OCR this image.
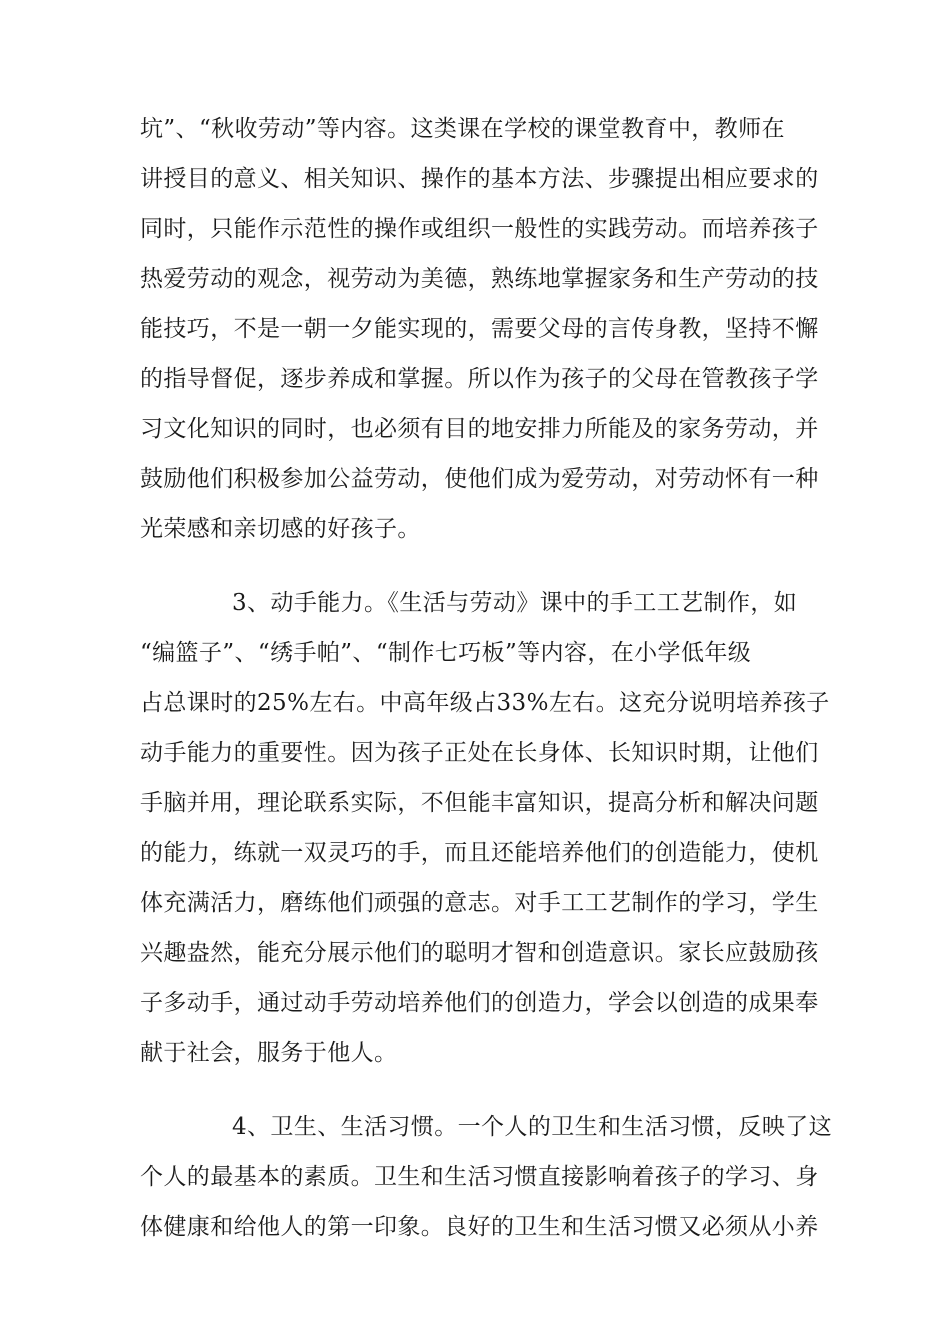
坑”、“秋收劳动”等内容。这类课在学校的课堂教育中，教师在
讲授目的意义、相关知识、操作的基本方法、步骤提出相应要求的
同时，只能作示范性的操作或组织一般性的实践劳动。而培养孩子
热爱劳动的观念，视劳动为美德，熟练地掌握家务和生产劳动的技
能技巧，不是一朝一夕能实现的，需要父母的言传身教，坚持不懈
的指导督促，逐步养成和掌握。所以作为孩子的父母在管教孩子学
习文化知识的同时，也必须有目的地安排力所能及的家务劳动，并
鼓励他们积极参加公益劳动，使他们成为爱劳动，对劳动怀有一种
光荣感和亲切感的好孩子。
3、动手能力。《生活与劳动》课中的手工工艺制作，如
“编篮子”、“绣手帕”、“制作七巧板”等内容，在小学低年级
占总课时的25%左右。中高年级占33%左右。这充分说明培养孩子
动手能力的重要性。因为孩子正处在长身体、长知识时期，让他们
手脑并用，理论联系实际，不但能丰富知识，提高分析和解决问题
的能力，练就一双灵巧的手，而且还能培养他们的创造能力，使机
体充满活力，磨练他们顽强的意志。对手工工艺制作的学习，学生
兴趣盎然，能充分展示他们的聪明才智和创造意识。家长应鼓励孩
子多动手，通过动手劳动培养他们的创造力，学会以创造的成果奉
献于社会，服务于他人。
4、卫生、生活习惯。一个人的卫生和生活习惯，反映了这
个人的最基本的素质。卫生和生活习惯直接影响着孩子的学习、身
体健康和给他人的第一印象。良好的卫生和生活习惯又必须从小养
